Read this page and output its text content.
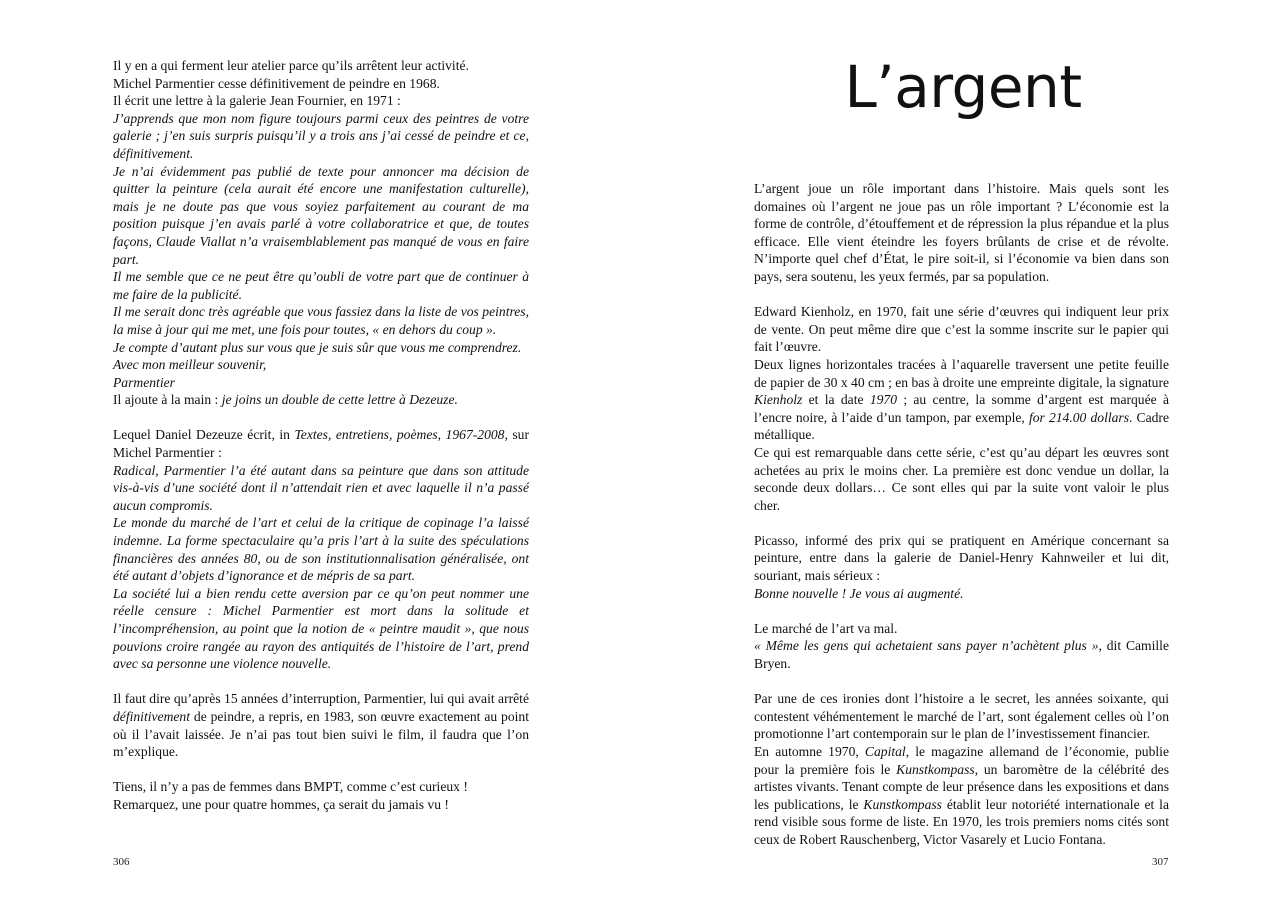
Il y en a qui ferment leur atelier parce qu’ils arrêtent leur activité.

Michel Parmentier cesse définitivement de peindre en 1968.

Il écrit une lettre à la galerie Jean Fournier, en 1971 :

J’apprends que mon nom figure toujours parmi ceux des peintres de votre galerie ; j’en suis surpris puisqu’il y a trois ans j’ai cessé de peindre et ce, définitivement.

Je n’ai évidemment pas publié de texte pour annoncer ma décision de quitter la peinture (cela aurait été encore une manifestation culturelle), mais je ne doute pas que vous soyiez parfaitement au courant de ma position puisque j’en avais parlé à votre collaboratrice et que, de toutes façons, Claude Viallat n’a vraisemblablement pas manqué de vous en faire part.

Il me semble que ce ne peut être qu’oubli de votre part que de continuer à me faire de la publicité.

Il me serait donc très agréable que vous fassiez dans la liste de vos peintres, la mise à jour qui me met, une fois pour toutes, « en dehors du coup ».

Je compte d’autant plus sur vous que je suis sûr que vous me comprendrez.

Avec mon meilleur souvenir,

Parmentier

Il ajoute à la main : je joins un double de cette lettre à Dezeuze.

Lequel Daniel Dezeuze écrit, in Textes, entretiens, poèmes, 1967-2008, sur Michel Parmentier :

Radical, Parmentier l’a été autant dans sa peinture que dans son attitude vis-à-vis d’une société dont il n’attendait rien et avec laquelle il n’a passé aucun compromis.

Le monde du marché de l’art et celui de la critique de copinage l’a laissé indemne. La forme spectaculaire qu’a pris l’art à la suite des spéculations financières des années 80, ou de son institutionnalisation généralisée, ont été autant d’objets d’ignorance et de mépris de sa part.

La société lui a bien rendu cette aversion par ce qu’on peut nommer une réelle censure : Michel Parmentier est mort dans la solitude et l’incompréhension, au point que la notion de « peintre maudit », que nous pouvions croire rangée au rayon des antiquités de l’histoire de l’art, prend avec sa personne une violence nouvelle.

Il faut dire qu’après 15 années d’interruption, Parmentier, lui qui avait arrêté définitivement de peindre, a repris, en 1983, son œuvre exactement au point où il l’avait laissée. Je n’ai pas tout bien suivi le film, il faudra que l’on m’explique.

Tiens, il n’y a pas de femmes dans BMPT, comme c’est curieux !

Remarquez, une pour quatre hommes, ça serait du jamais vu !

306
L’argent

L’argent joue un rôle important dans l’histoire. Mais quels sont les domaines où l’argent ne joue pas un rôle important ? L’économie est la forme de contrôle, d’étouffement et de répression la plus répandue et la plus efficace. Elle vient éteindre les foyers brûlants de crise et de révolte. N’importe quel chef d’État, le pire soit-il, si l’économie va bien dans son pays, sera soutenu, les yeux fermés, par sa population.

Edward Kienholz, en 1970, fait une série d’œuvres qui indiquent leur prix de vente. On peut même dire que c’est la somme inscrite sur le papier qui fait l’œuvre.

Deux lignes horizontales tracées à l’aquarelle traversent une petite feuille de papier de 30 x 40 cm ; en bas à droite une empreinte digitale, la signature Kienholz et la date 1970 ; au centre, la somme d’argent est marquée à l’encre noire, à l’aide d’un tampon, par exemple, for 214.00 dollars. Cadre métallique.

Ce qui est remarquable dans cette série, c’est qu’au départ les œuvres sont achetées au prix le moins cher. La première est donc vendue un dollar, la seconde deux dollars… Ce sont elles qui par la suite vont valoir le plus cher.

Picasso, informé des prix qui se pratiquent en Amérique concernant sa peinture, entre dans la galerie de Daniel-Henry Kahnweiler et lui dit, souriant, mais sérieux :

Bonne nouvelle ! Je vous ai augmenté.

Le marché de l’art va mal.

« Même les gens qui achetaient sans payer n’achètent plus », dit Camille Bryen.

Par une de ces ironies dont l’histoire a le secret, les années soixante, qui contestent véhémentement le marché de l’art, sont également celles où l’on promotionne l’art contemporain sur le plan de l’investissement financier.

En automne 1970, Capital, le magazine allemand de l’économie, publie pour la première fois le Kunstkompass, un baromètre de la célébrité des artistes vivants. Tenant compte de leur présence dans les expositions et dans les publications, le Kunstkompass établit leur notoriété internationale et la rend visible sous forme de liste. En 1970, les trois premiers noms cités sont ceux de Robert Rauschenberg, Victor Vasarely et Lucio Fontana.

307
